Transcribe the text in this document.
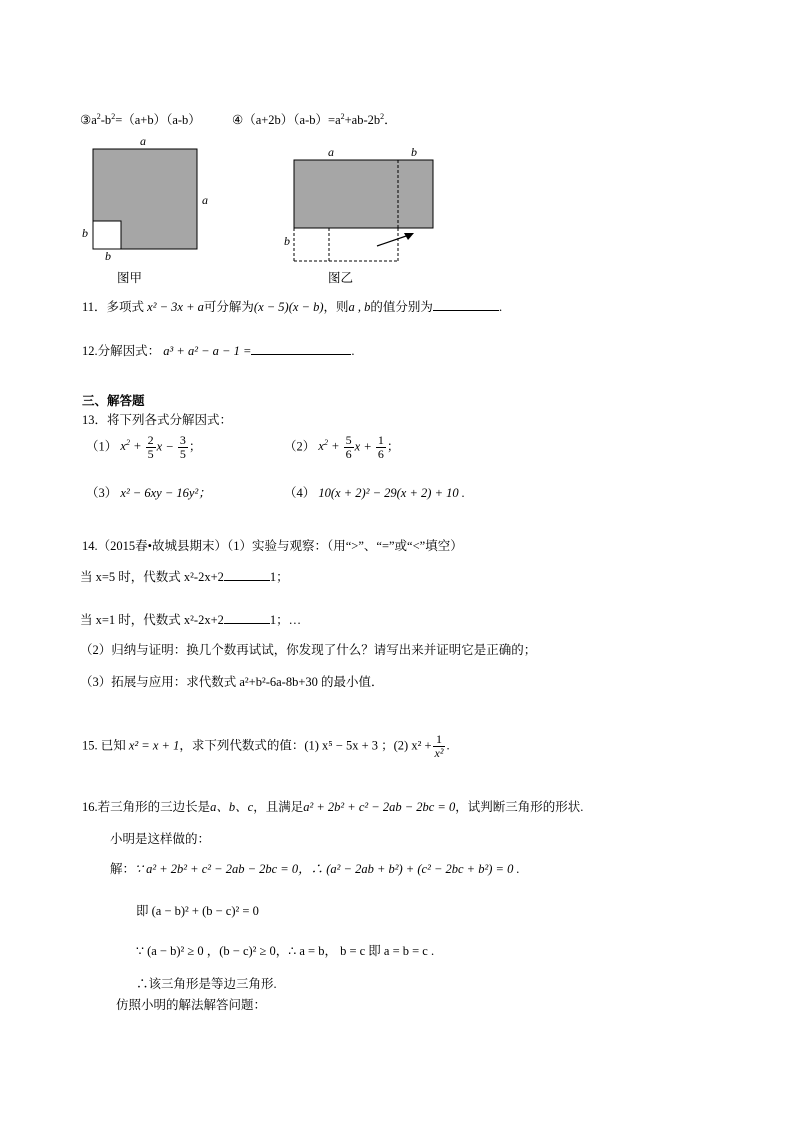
$③a^2-b^2=(a+b)(a-b)$ $④(a+2b)(a-b)=a^2+ab-2b^2$．
a
a
b
b
图甲
a	b
b
图乙
11．多项式 x² − 3x + a可分解为(x − 5)(x − b)，则a , b的值分别为	.
12.分解因式： a³ + a² − a − 1 =	.
三、解答题
13．将下列各式分解因式：
（1） $x^2 + \frac{2}{5}$ $x - \frac{3}{5}$ ；	（2） $x^2 + \frac{5}{6}$ $x + \frac{1}{6}$ ；
（3） x² − 6xy − 16y²；	（4） 10(x + 2)² − 29(x + 2) + 10 .
14.（2015春•故城县期末）（1）实验与观察：（用“>”、“=”或“<”填空）
当 x=5 时，代数式 x²-2x+2	1；
当 x=1 时，代数式 x²-2x+2	1；…
（2）归纳与证明：换几个数再试试，你发现了什么？请写出来并证明它是正确的；
（3）拓展与应用：求代数式 a²+b²-6a-8b+30 的最小值．
15. 已知 x² = x + 1，求下列代数式的值：(1) x⁵ − 5x + 3 ；(2) $x^2 + \frac{1}{\text{x²}}$ .
16.若三角形的三边长是a、b、c，且满足a² + 2b² + c² − 2ab − 2bc = 0，试判断三角形的形状.
小明是这样做的：
解：∵ a² + 2b² + c² − 2ab − 2bc = 0，∴ (a² − 2ab + b²) + (c² − 2bc + b²) = 0 .
即 (a − b)² + (b − c)² = 0
∵ (a − b)² ≥ 0 ，(b − c)² ≥ 0，∴ a = b， b = c 即 a = b = c .
∴该三角形是等边三角形.
仿照小明的解法解答问题：
